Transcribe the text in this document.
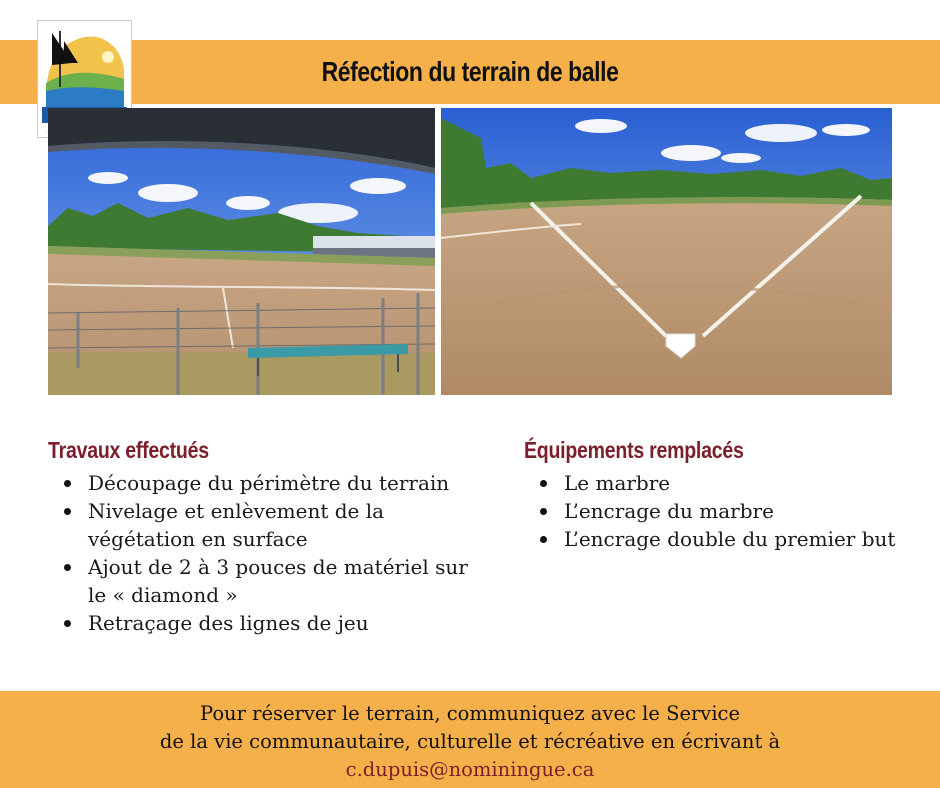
Réfection du terrain de balle
Travaux effectués
Découpage du périmètre du terrain
Nivelage et enlèvement de la
végétation en surface
Ajout de 2 à 3 pouces de matériel sur
le « diamond »
Retraçage des lignes de jeu
Équipements remplacés
Le marbre
L’encrage du marbre
L’encrage double du premier but
Pour réserver le terrain, communiquez avec le Service
de la vie communautaire, culturelle et récréative en écrivant à
c.dupuis@nominingue.ca
